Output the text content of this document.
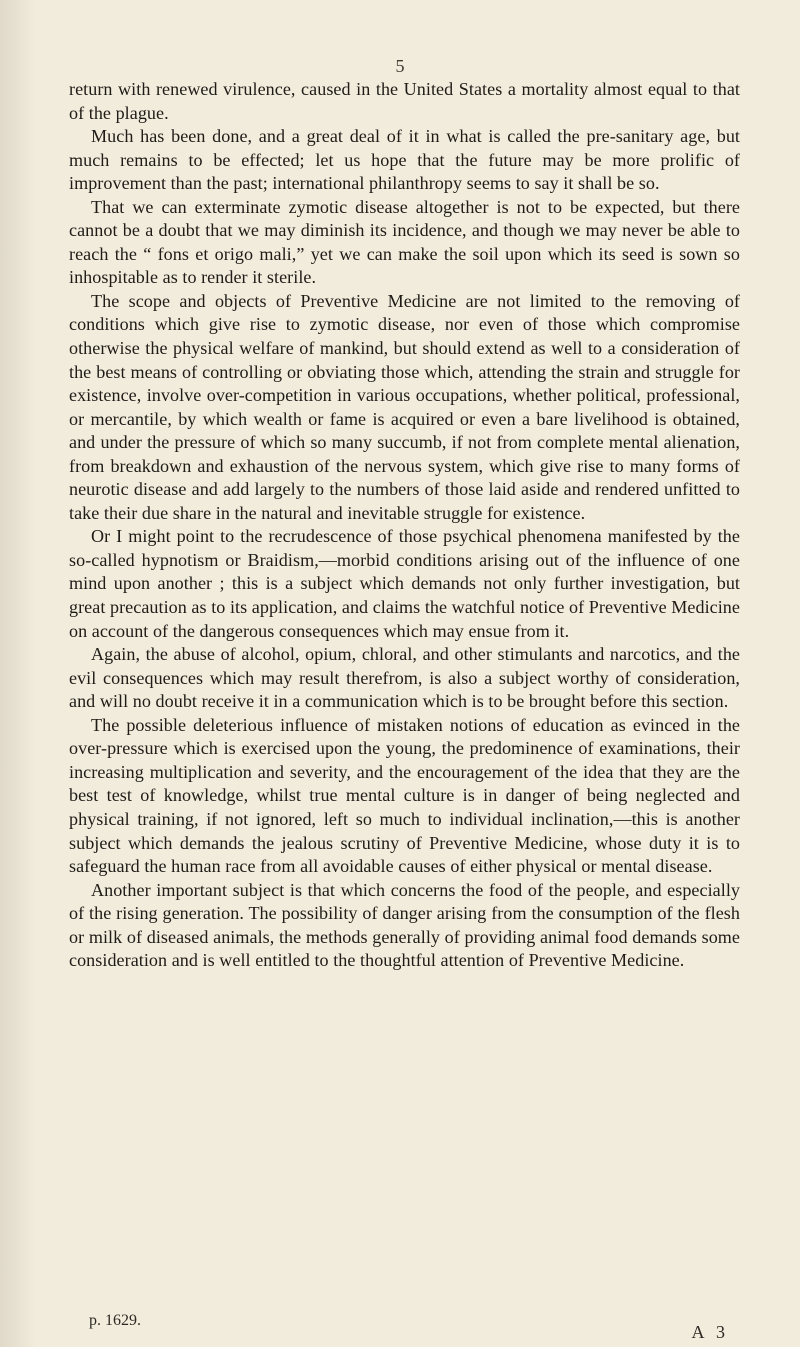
5

return with renewed virulence, caused in the United States a mortality almost equal to that of the plague.

Much has been done, and a great deal of it in what is called the pre-sanitary age, but much remains to be effected; let us hope that the future may be more prolific of improvement than the past; international philanthropy seems to say it shall be so.

That we can exterminate zymotic disease altogether is not to be expected, but there cannot be a doubt that we may diminish its incidence, and though we may never be able to reach the “ fons et origo mali,” yet we can make the soil upon which its seed is sown so inhospitable as to render it sterile.

The scope and objects of Preventive Medicine are not limited to the removing of conditions which give rise to zymotic disease, nor even of those which compromise otherwise the physical welfare of mankind, but should extend as well to a consideration of the best means of controlling or obviating those which, attending the strain and struggle for existence, involve over-competition in various occupations, whether political, professional, or mercantile, by which wealth or fame is acquired or even a bare livelihood is obtained, and under the pressure of which so many succumb, if not from complete mental alienation, from breakdown and exhaustion of the nervous system, which give rise to many forms of neurotic disease and add largely to the numbers of those laid aside and rendered unfitted to take their due share in the natural and inevitable struggle for existence.

Or I might point to the recrudescence of those psychical phenomena manifested by the so-called hypnotism or Braidism,—morbid conditions arising out of the influence of one mind upon another ; this is a subject which demands not only further investigation, but great precaution as to its application, and claims the watchful notice of Preventive Medicine on account of the dangerous consequences which may ensue from it.

Again, the abuse of alcohol, opium, chloral, and other stimulants and narcotics, and the evil consequences which may result therefrom, is also a subject worthy of consideration, and will no doubt receive it in a communication which is to be brought before this section.

The possible deleterious influence of mistaken notions of education as evinced in the over-pressure which is exercised upon the young, the predominence of examinations, their increasing multiplication and severity, and the encouragement of the idea that they are the best test of knowledge, whilst true mental culture is in danger of being neglected and physical training, if not ignored, left so much to individual inclination,—this is another subject which demands the jealous scrutiny of Preventive Medicine, whose duty it is to safeguard the human race from all avoidable causes of either physical or mental disease.

Another important subject is that which concerns the food of the people, and especially of the rising generation. The possibility of danger arising from the consumption of the flesh or milk of diseased animals, the methods generally of providing animal food demands some consideration and is well entitled to the thoughtful attention of Preventive Medicine.

p. 1629.
A 3
